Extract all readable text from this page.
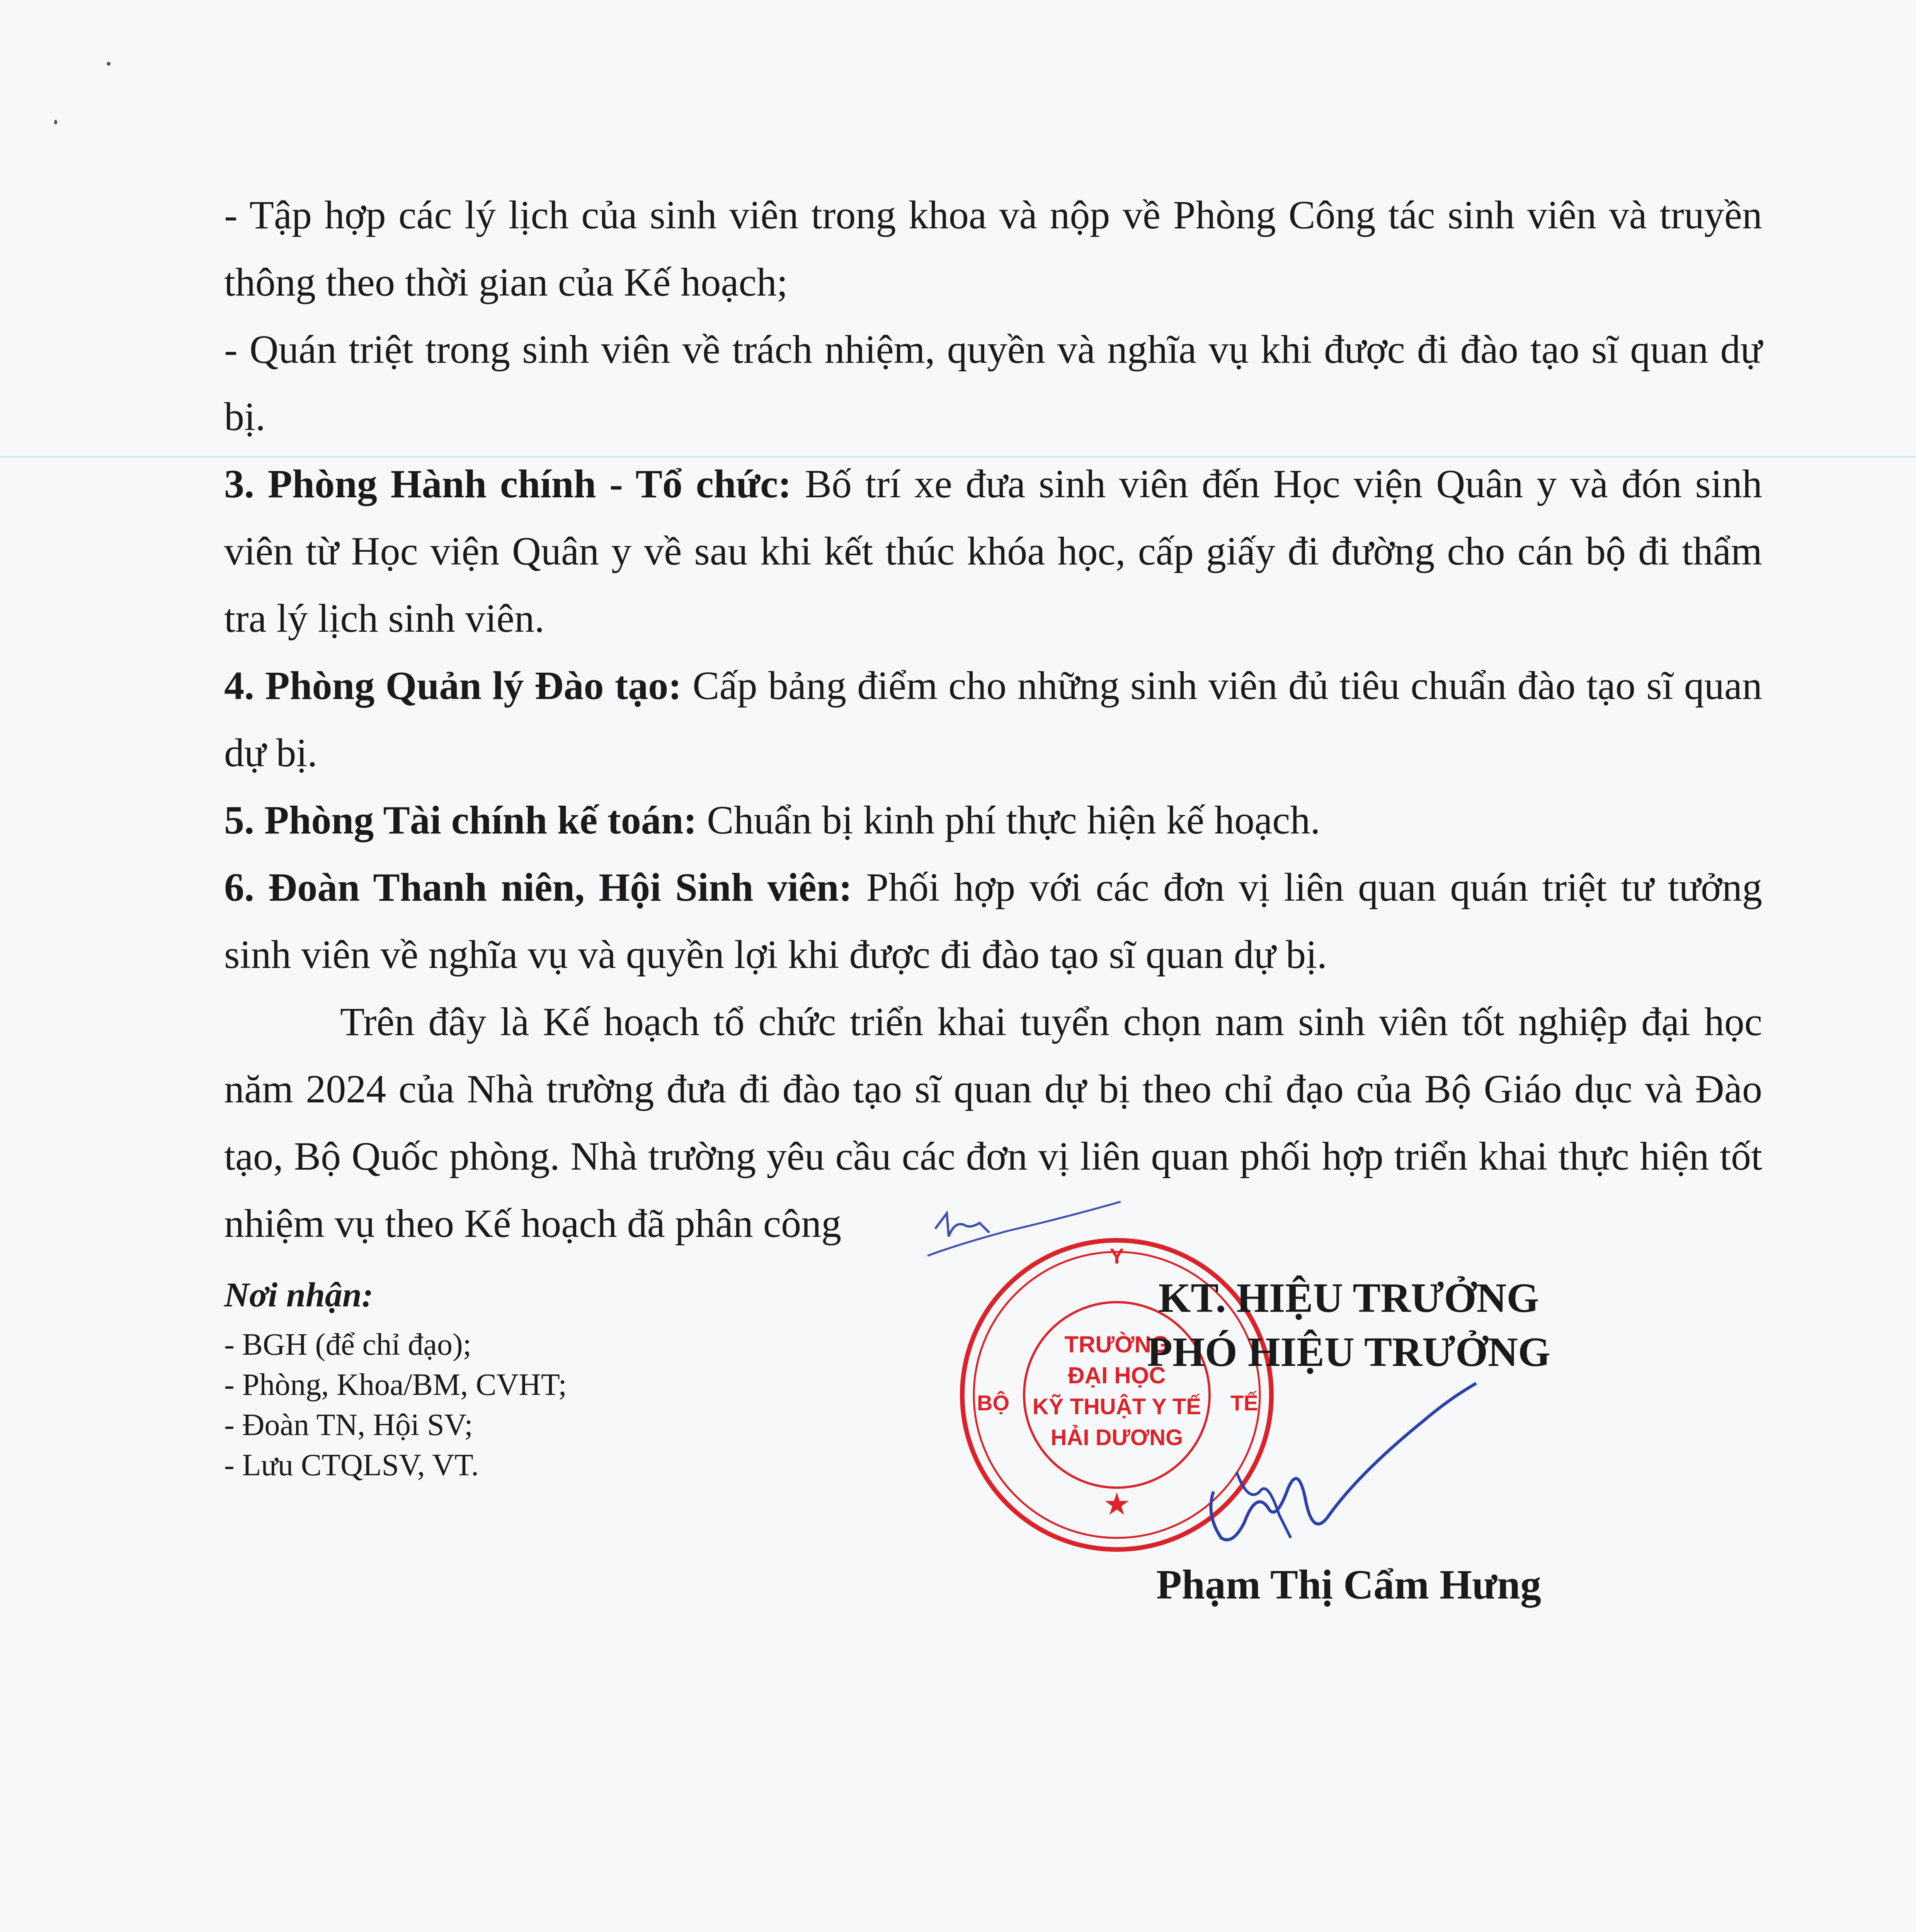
- Tập hợp các lý lịch của sinh viên trong khoa và nộp về Phòng Công tác sinh viên và truyền thông theo thời gian của Kế hoạch;

- Quán triệt trong sinh viên về trách nhiệm, quyền và nghĩa vụ khi được đi đào tạo sĩ quan dự bị.

3. Phòng Hành chính - Tổ chức: Bố trí xe đưa sinh viên đến Học viện Quân y và đón sinh viên từ Học viện Quân y về sau khi kết thúc khóa học, cấp giấy đi đường cho cán bộ đi thẩm tra lý lịch sinh viên.

4. Phòng Quản lý Đào tạo: Cấp bảng điểm cho những sinh viên đủ tiêu chuẩn đào tạo sĩ quan dự bị.

5. Phòng Tài chính kế toán: Chuẩn bị kinh phí thực hiện kế hoạch.

6. Đoàn Thanh niên, Hội Sinh viên: Phối hợp với các đơn vị liên quan quán triệt tư tưởng sinh viên về nghĩa vụ và quyền lợi khi được đi đào tạo sĩ quan dự bị.

Trên đây là Kế hoạch tổ chức triển khai tuyển chọn nam sinh viên tốt nghiệp đại học năm 2024 của Nhà trường đưa đi đào tạo sĩ quan dự bị theo chỉ đạo của Bộ Giáo dục và Đào tạo, Bộ Quốc phòng. Nhà trường yêu cầu các đơn vị liên quan phối hợp triển khai thực hiện tốt nhiệm vụ theo Kế hoạch đã phân công

Nơi nhận:
- BGH (để chỉ đạo);
- Phòng, Khoa/BM, CVHT;
- Đoàn TN, Hội SV;
- Lưu CTQLSV, VT.
Y
BỘ	TẾ
TRƯỜNG
ĐẠI HỌC
KỸ THUẬT Y TẾ
HẢI DƯƠNG
★
KT. HIỆU TRƯỞNG
PHÓ HIỆU TRƯỞNG
Phạm Thị Cẩm Hưng
